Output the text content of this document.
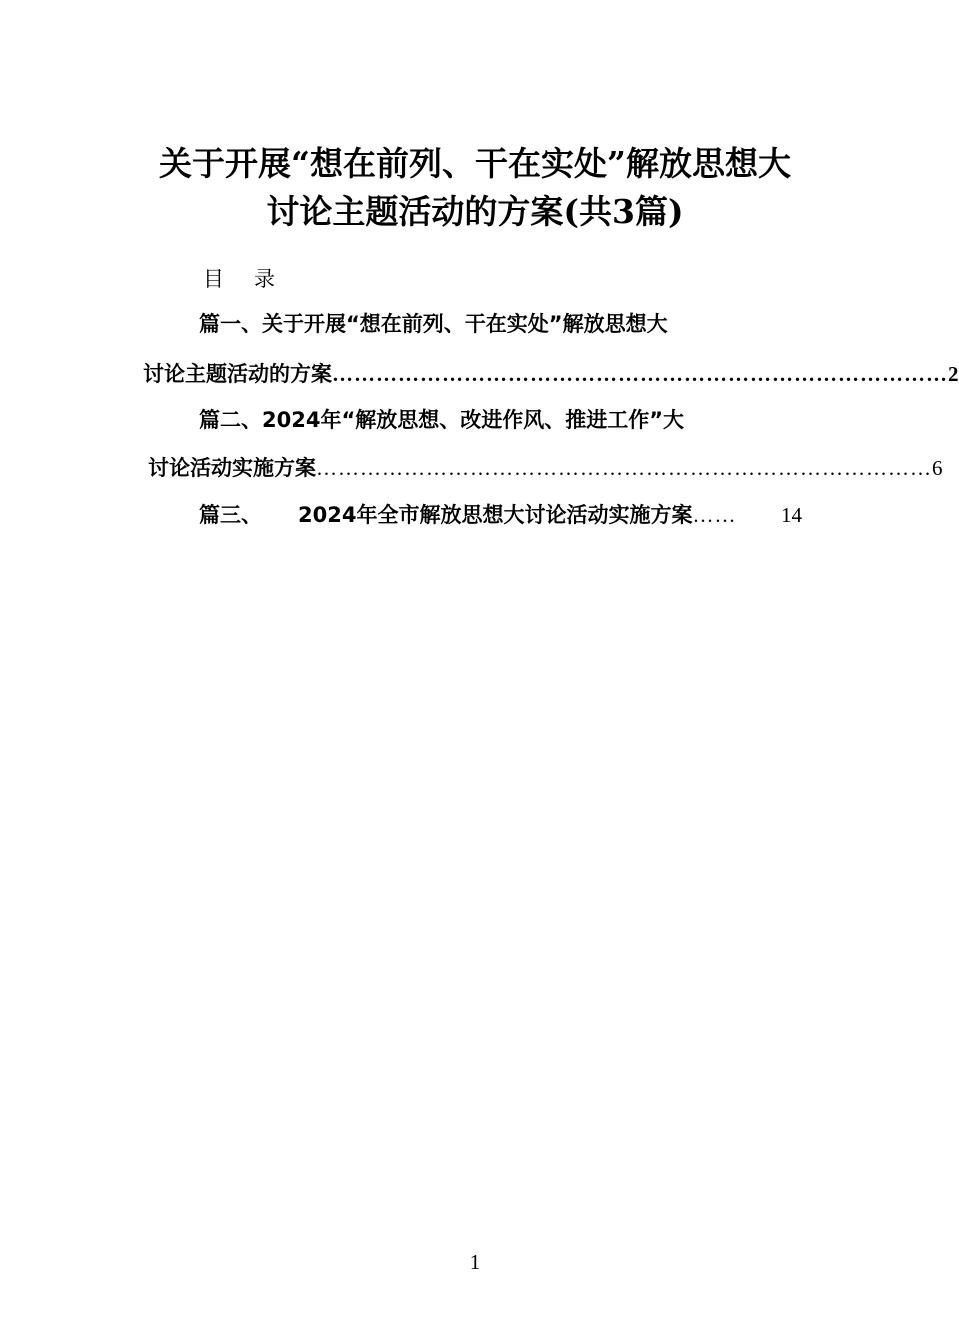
关于开展“想在前列、干在实处”解放思想大
讨论主题活动的方案(共3篇)
目 录
篇一、关于开展“想在前列、干在实处”解放思想大
讨论主题活动的方案 ………………………………………………………………………… 2
篇二、2024年“解放思想、改进作风、推进工作”大
讨论活动实施方案 ………………………………………………………………………… 6
篇三、 2024年全市解放思想大讨论活动实施方案 ……	14
1
